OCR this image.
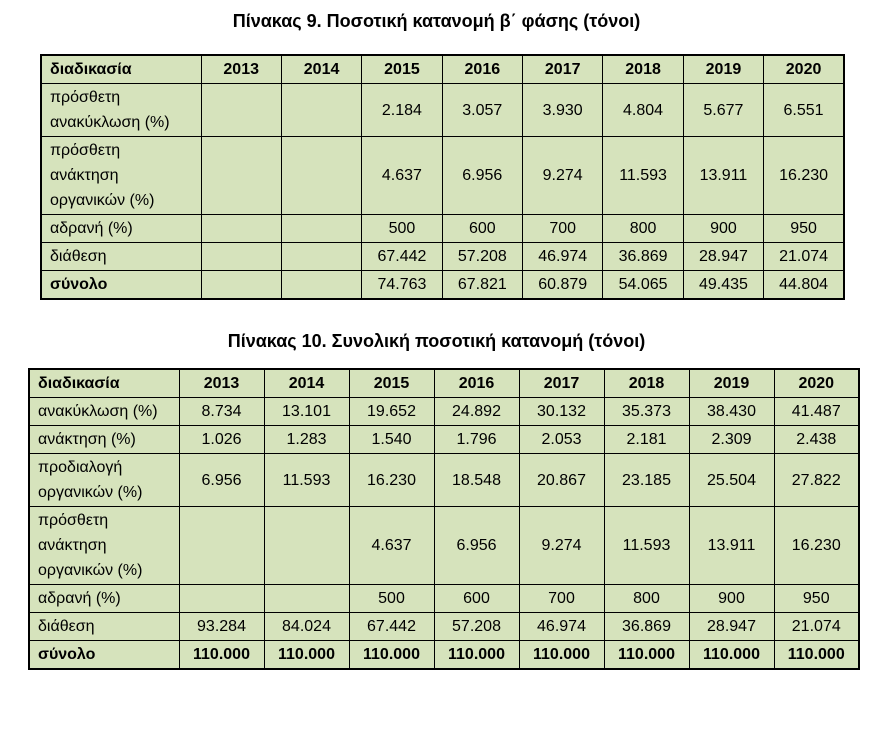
Πίνακας 9. Ποσοτική κατανομή β΄ φάσης (τόνοι)
διαδικασία	2013	2014	2015	2016	2017	2018	2019	2020
πρόσθετη ανακύκλωση (%)			2.184	3.057	3.930	4.804	5.677	6.551
πρόσθετη ανάκτηση οργανικών (%)			4.637	6.956	9.274	11.593	13.911	16.230
αδρανή (%)			500	600	700	800	900	950
διάθεση			67.442	57.208	46.974	36.869	28.947	21.074
σύνολο			74.763	67.821	60.879	54.065	49.435	44.804
Πίνακας 10. Συνολική ποσοτική κατανομή (τόνοι)
διαδικασία	2013	2014	2015	2016	2017	2018	2019	2020
ανακύκλωση (%)	8.734	13.101	19.652	24.892	30.132	35.373	38.430	41.487
ανάκτηση (%)	1.026	1.283	1.540	1.796	2.053	2.181	2.309	2.438
προδιαλογή οργανικών (%)	6.956	11.593	16.230	18.548	20.867	23.185	25.504	27.822
πρόσθετη ανάκτηση οργανικών (%)			4.637	6.956	9.274	11.593	13.911	16.230
αδρανή (%)			500	600	700	800	900	950
διάθεση	93.284	84.024	67.442	57.208	46.974	36.869	28.947	21.074
σύνολο	110.000	110.000	110.000	110.000	110.000	110.000	110.000	110.000
